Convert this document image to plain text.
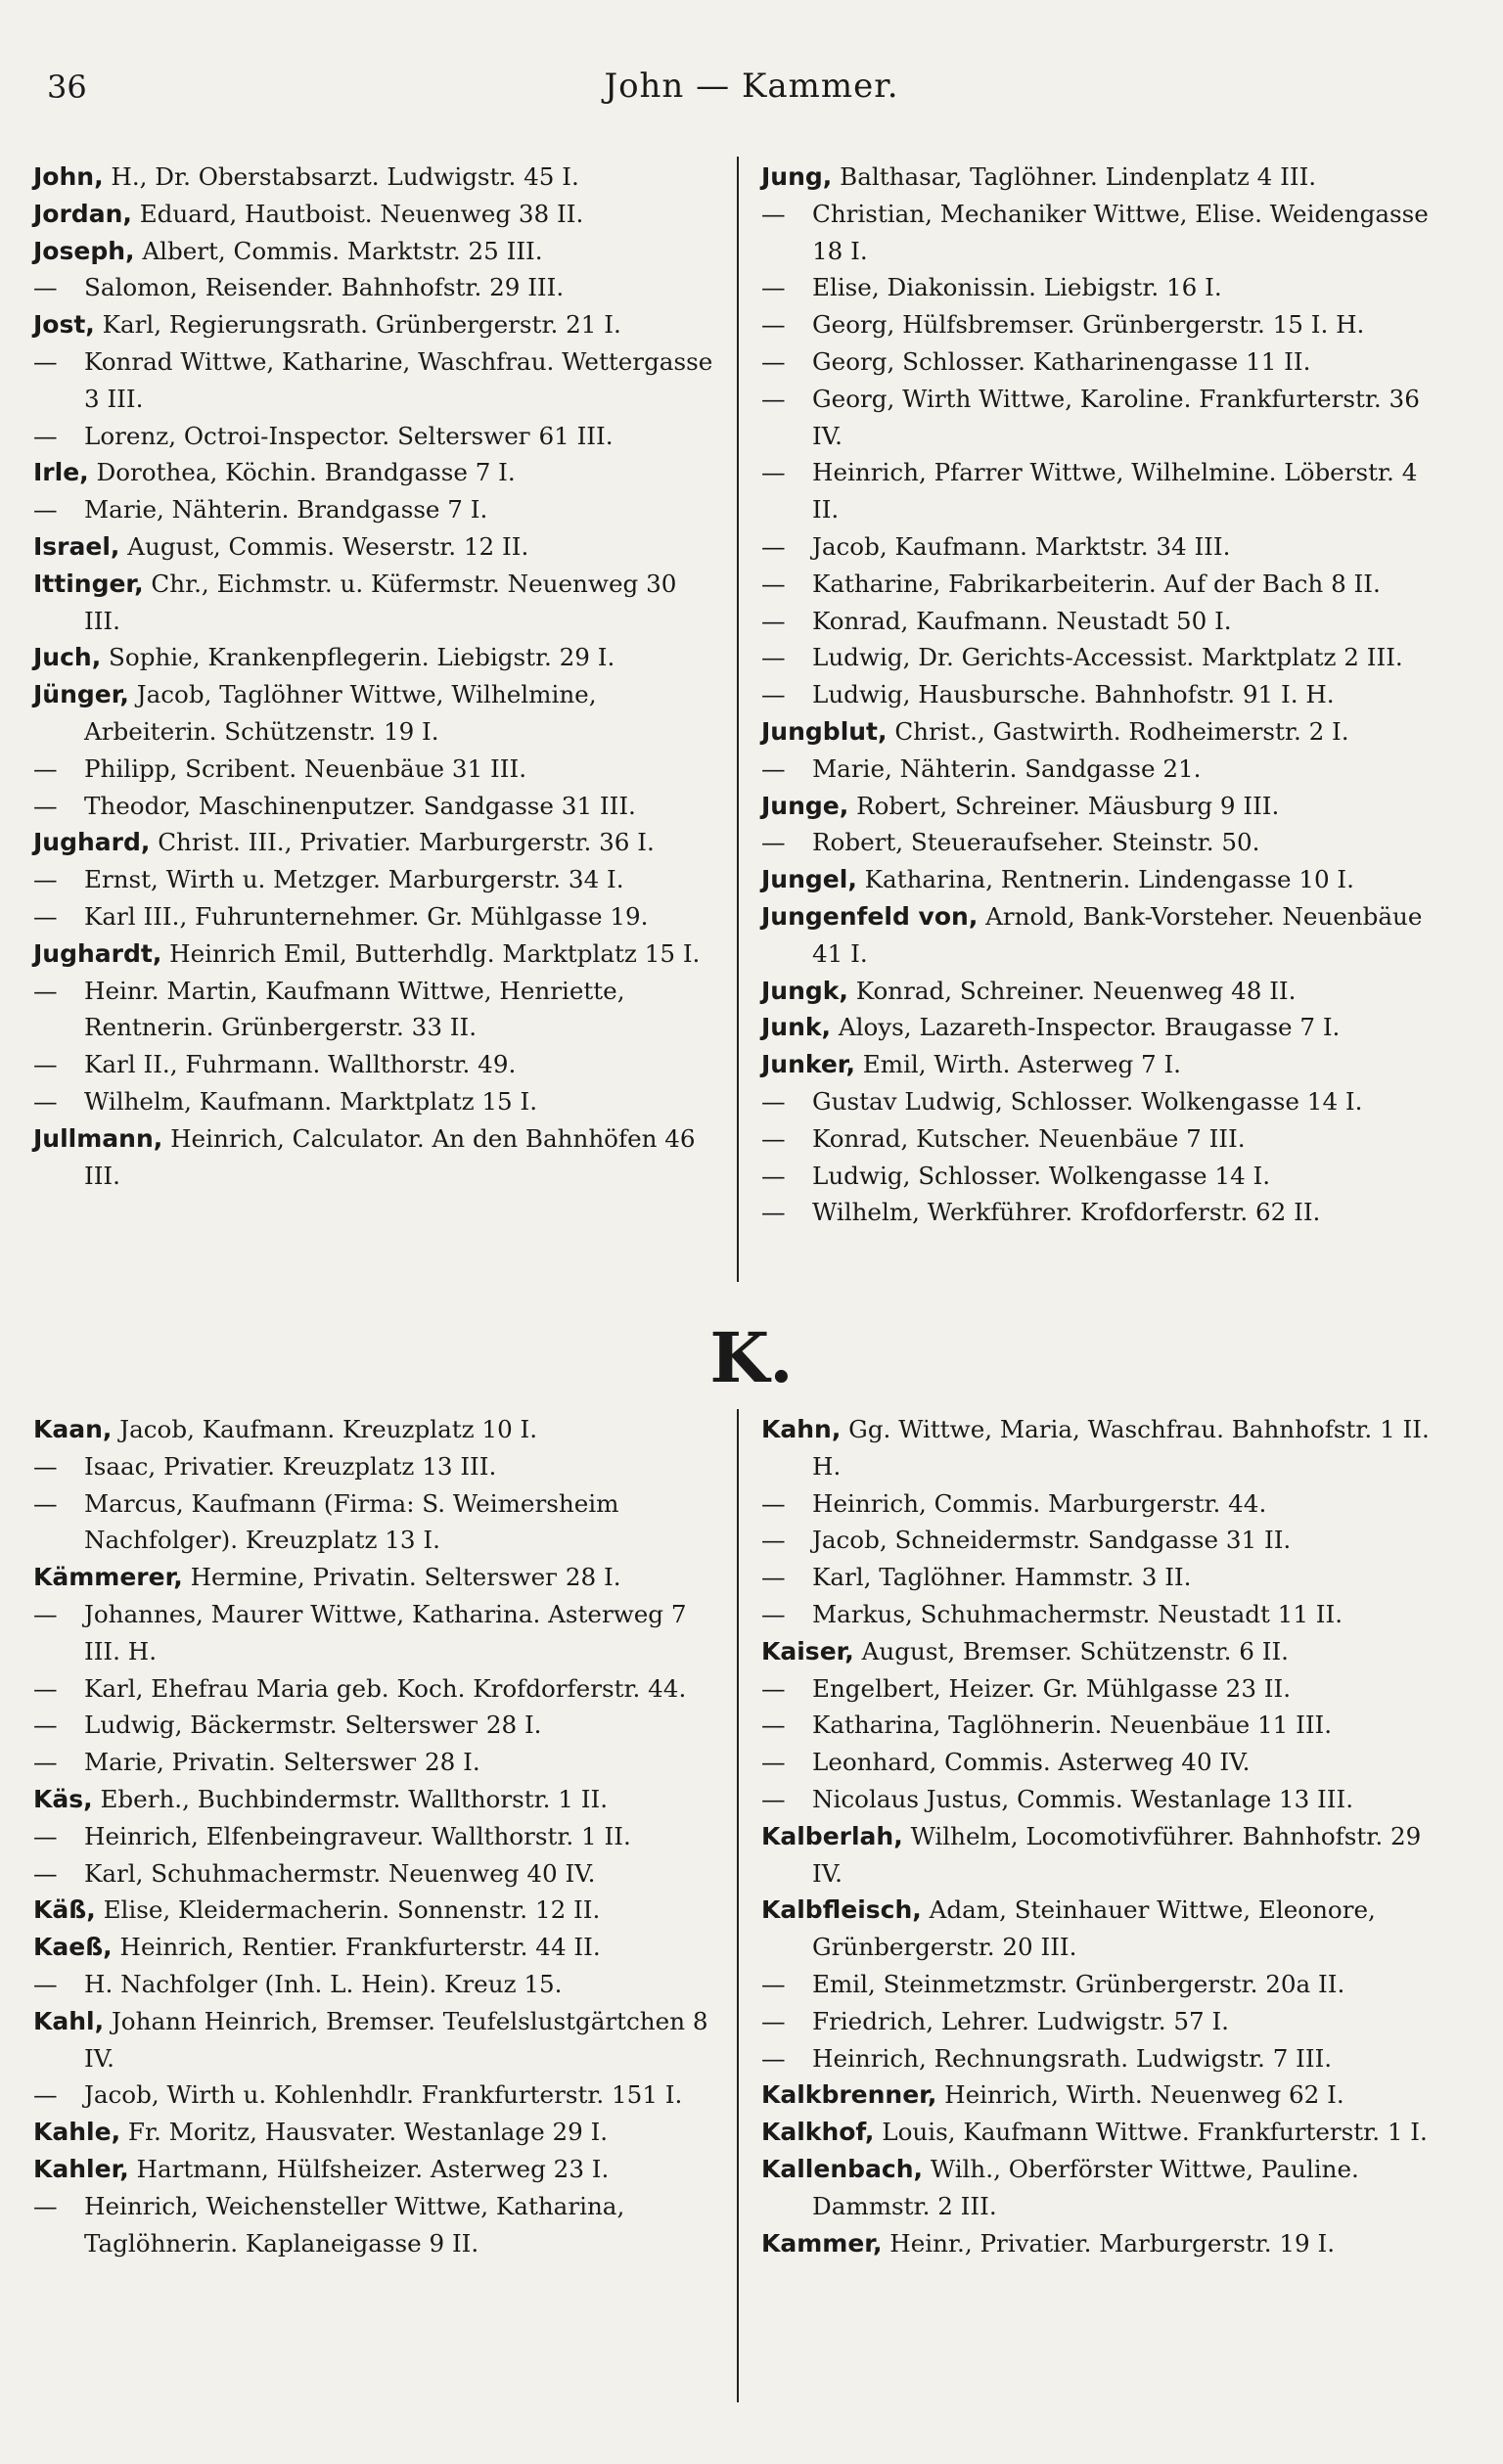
36	John — Kammer.

John, H., Dr. Oberstabsarzt. Ludwigstr. 45 I.

Jordan, Eduard, Hautboist. Neuenweg 38 II.

Joseph, Albert, Commis. Marktstr. 25 III.

— Salomon, Reisender. Bahnhofstr. 29 III.

Jost, Karl, Regierungsrath. Grünbergerstr. 21 I.

— Konrad Wittwe, Katharine, Waschfrau. Wettergasse 3 III.

— Lorenz, Octroi-Inspector. Selterswег 61 III.

Irle, Dorothea, Köchin. Brandgasse 7 I.

— Marie, Nähterin. Brandgasse 7 I.

Israel, August, Commis. Weserstr. 12 II.

Ittinger, Chr., Eichmstr. u. Küfermstr. Neuenweg 30 III.

Juch, Sophie, Krankenpflegerin. Liebigstr. 29 I.

Jünger, Jacob, Taglöhner Wittwe, Wilhelmine, Arbeiterin. Schützenstr. 19 I.

— Philipp, Scribent. Neuenbäue 31 III.

— Theodor, Maschinenputzer. Sandgasse 31 III.

Jughard, Christ. III., Privatier. Marburgerstr. 36 I.

— Ernst, Wirth u. Metzger. Marburgerstr. 34 I.

— Karl III., Fuhrunternehmer. Gr. Mühlgasse 19.

Jughardt, Heinrich Emil, Butterhdlg. Marktplatz 15 I.

— Heinr. Martin, Kaufmann Wittwe, Henriette, Rentnerin. Grünbergerstr. 33 II.

— Karl II., Fuhrmann. Wallthorstr. 49.

— Wilhelm, Kaufmann. Marktplatz 15 I.

Jullmann, Heinrich, Calculator. An den Bahnhöfen 46 III.

Jung, Balthasar, Taglöhner. Lindenplatz 4 III.

— Christian, Mechaniker Wittwe, Elise. Weidengasse 18 I.

— Elise, Diakonissin. Liebigstr. 16 I.

— Georg, Hülfsbremser. Grünbergerstr. 15 I. H.

— Georg, Schlosser. Katharinengasse 11 II.

— Georg, Wirth Wittwe, Karoline. Frankfurterstr. 36 IV.

— Heinrich, Pfarrer Wittwe, Wilhelmine. Löberstr. 4 II.

— Jacob, Kaufmann. Marktstr. 34 III.

— Katharine, Fabrikarbeiterin. Auf der Bach 8 II.

— Konrad, Kaufmann. Neustadt 50 I.

— Ludwig, Dr. Gerichts-Accessist. Marktplatz 2 III.

— Ludwig, Hausbursche. Bahnhofstr. 91 I. H.

Jungblut, Christ., Gastwirth. Rodheimerstr. 2 I.

— Marie, Nähterin. Sandgasse 21.

Junge, Robert, Schreiner. Mäusburg 9 III.

— Robert, Steueraufseher. Steinstr. 50.

Jungel, Katharina, Rentnerin. Lindengasse 10 I.

Jungenfeld von, Arnold, Bank-Vorsteher. Neuenbäue 41 I.

Jungk, Konrad, Schreiner. Neuenweg 48 II.

Junk, Aloys, Lazareth-Inspector. Braugasse 7 I.

Junker, Emil, Wirth. Asterweg 7 I.

— Gustav Ludwig, Schlosser. Wolkengasse 14 I.

— Konrad, Kutscher. Neuenbäue 7 III.

— Ludwig, Schlosser. Wolkengasse 14 I.

— Wilhelm, Werkführer. Krofdorferstr. 62 II.

K.

Kaan, Jacob, Kaufmann. Kreuzplatz 10 I.

— Isaac, Privatier. Kreuzplatz 13 III.

— Marcus, Kaufmann (Firma: S. Weimersheim Nachfolger). Kreuzplatz 13 I.

Kämmerer, Hermine, Privatin. Selterswег 28 I.

— Johannes, Maurer Wittwe, Katharina. Asterweg 7 III. H.

— Karl, Ehefrau Maria geb. Koch. Krofdorferstr. 44.

— Ludwig, Bäckermstr. Selterswег 28 I.

— Marie, Privatin. Selterswег 28 I.

Käs, Eberh., Buchbindermstr. Wallthorstr. 1 II.

— Heinrich, Elfenbeingraveur. Wallthorstr. 1 II.

— Karl, Schuhmachermstr. Neuenweg 40 IV.

Käß, Elise, Kleidermacherin. Sonnenstr. 12 II.

Kaeß, Heinrich, Rentier. Frankfurterstr. 44 II.

— H. Nachfolger (Inh. L. Hein). Kreuz 15.

Kahl, Johann Heinrich, Bremser. Teufelslustgärtchen 8 IV.

— Jacob, Wirth u. Kohlenhdlr. Frankfurterstr. 151 I.

Kahle, Fr. Moritz, Hausvater. Westanlage 29 I.

Kahler, Hartmann, Hülfsheizer. Asterweg 23 I.

— Heinrich, Weichensteller Wittwe, Katharina, Taglöhnerin. Kaplaneigasse 9 II.

Kahn, Gg. Wittwe, Maria, Waschfrau. Bahnhofstr. 1 II. H.

— Heinrich, Commis. Marburgerstr. 44.

— Jacob, Schneidermstr. Sandgasse 31 II.

— Karl, Taglöhner. Hammstr. 3 II.

— Markus, Schuhmachermstr. Neustadt 11 II.

Kaiser, August, Bremser. Schützenstr. 6 II.

— Engelbert, Heizer. Gr. Mühlgasse 23 II.

— Katharina, Taglöhnerin. Neuenbäue 11 III.

— Leonhard, Commis. Asterweg 40 IV.

— Nicolaus Justus, Commis. Westanlage 13 III.

Kalberlah, Wilhelm, Locomotivführer. Bahnhofstr. 29 IV.

Kalbfleisch, Adam, Steinhauer Wittwe, Eleonore, Grünbergerstr. 20 III.

— Emil, Steinmetzmstr. Grünbergerstr. 20a II.

— Friedrich, Lehrer. Ludwigstr. 57 I.

— Heinrich, Rechnungsrath. Ludwigstr. 7 III.

Kalkbrenner, Heinrich, Wirth. Neuenweg 62 I.

Kalkhof, Louis, Kaufmann Wittwe. Frankfurterstr. 1 I.

Kallenbach, Wilh., Oberförster Wittwe, Pauline. Dammstr. 2 III.

Kammer, Heinr., Privatier. Marburgerstr. 19 I.
